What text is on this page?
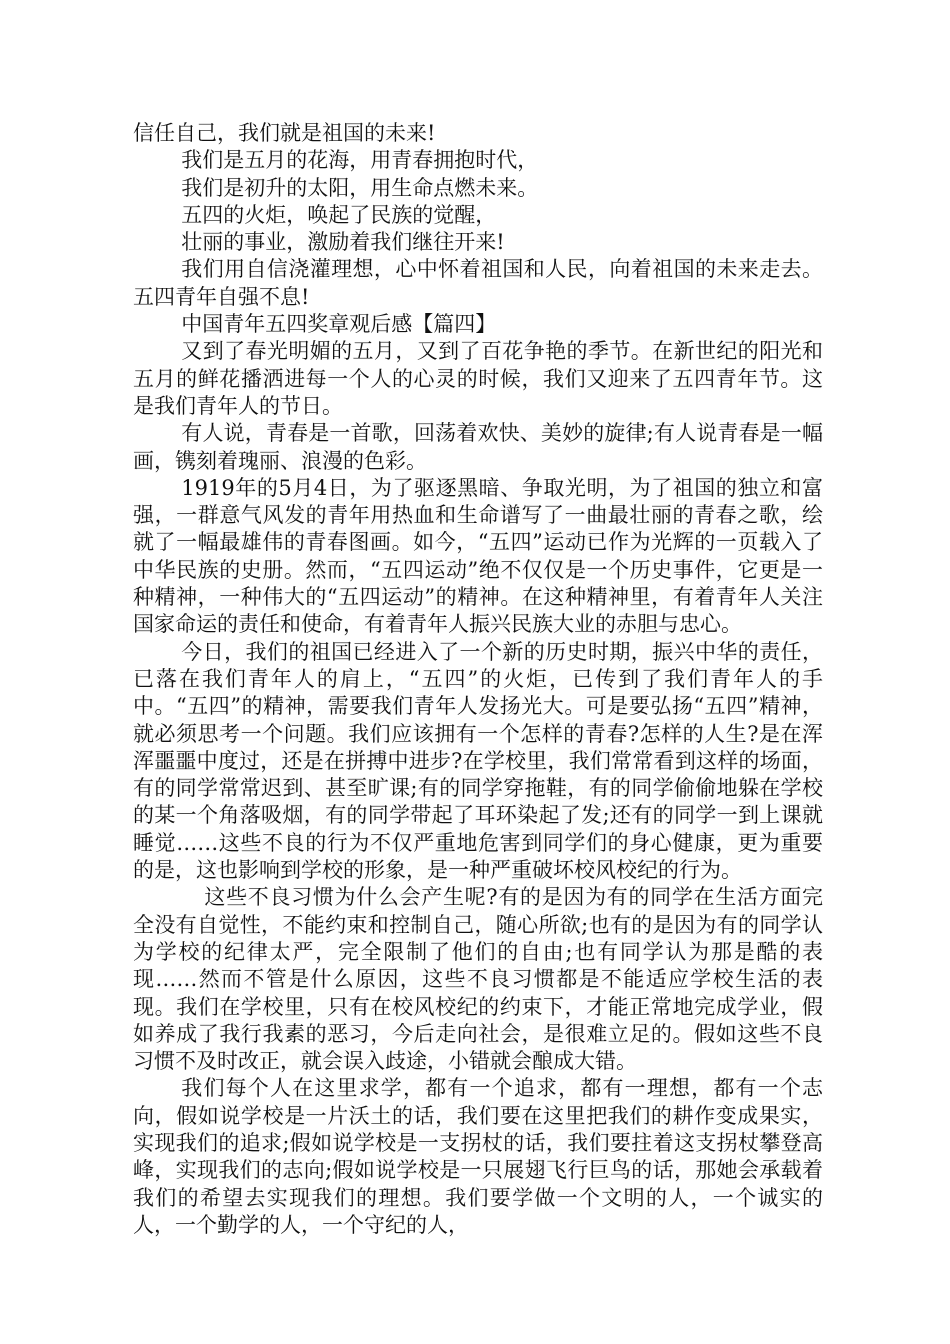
信任自己，我们就是祖国的未来!

我们是五月的花海，用青春拥抱时代，

我们是初升的太阳，用生命点燃未来。

五四的火炬，唤起了民族的觉醒，

壮丽的事业，激励着我们继往开来!

我们用自信浇灌理想，心中怀着祖国和人民，向着祖国的未来走去。五四青年自强不息!

中国青年五四奖章观后感【篇四】

又到了春光明媚的五月，又到了百花争艳的季节。在新世纪的阳光和五月的鲜花播洒进每一个人的心灵的时候，我们又迎来了五四青年节。这是我们青年人的节日。

有人说，青春是一首歌，回荡着欢快、美妙的旋律;有人说青春是一幅画，镌刻着瑰丽、浪漫的色彩。

1919年的5月4日，为了驱逐黑暗、争取光明，为了祖国的独立和富强，一群意气风发的青年用热血和生命谱写了一曲最壮丽的青春之歌，绘就了一幅最雄伟的青春图画。如今，“五四”运动已作为光辉的一页载入了中华民族的史册。然而，“五四运动”绝不仅仅是一个历史事件，它更是一种精神，一种伟大的“五四运动”的精神。在这种精神里，有着青年人关注国家命运的责任和使命，有着青年人振兴民族大业的赤胆与忠心。

今日，我们的祖国已经进入了一个新的历史时期，振兴中华的责任，已落在我们青年人的肩上，“五四”的火炬，已传到了我们青年人的手中。“五四”的精神，需要我们青年人发扬光大。可是要弘扬“五四”精神，就必须思考一个问题。我们应该拥有一个怎样的青春?怎样的人生?是在浑浑噩噩中度过，还是在拼搏中进步?在学校里，我们常常看到这样的场面，有的同学常常迟到、甚至旷课;有的同学穿拖鞋，有的同学偷偷地躲在学校的某一个角落吸烟，有的同学带起了耳环染起了发;还有的同学一到上课就睡觉……这些不良的行为不仅严重地危害到同学们的身心健康，更为重要的是，这也影响到学校的形象，是一种严重破坏校风校纪的行为。

这些不良习惯为什么会产生呢?有的是因为有的同学在生活方面完全没有自觉性，不能约束和控制自己，随心所欲;也有的是因为有的同学认为学校的纪律太严，完全限制了他们的自由;也有同学认为那是酷的表现……然而不管是什么原因，这些不良习惯都是不能适应学校生活的表现。我们在学校里，只有在校风校纪的约束下，才能正常地完成学业，假如养成了我行我素的恶习，今后走向社会，是很难立足的。假如这些不良习惯不及时改正，就会误入歧途，小错就会酿成大错。

我们每个人在这里求学，都有一个追求，都有一理想，都有一个志向，假如说学校是一片沃土的话，我们要在这里把我们的耕作变成果实，实现我们的追求;假如说学校是一支拐杖的话，我们要拄着这支拐杖攀登高峰，实现我们的志向;假如说学校是一只展翅飞行巨鸟的话，那她会承载着我们的希望去实现我们的理想。我们要学做一个文明的人，一个诚实的人，一个勤学的人，一个守纪的人，
